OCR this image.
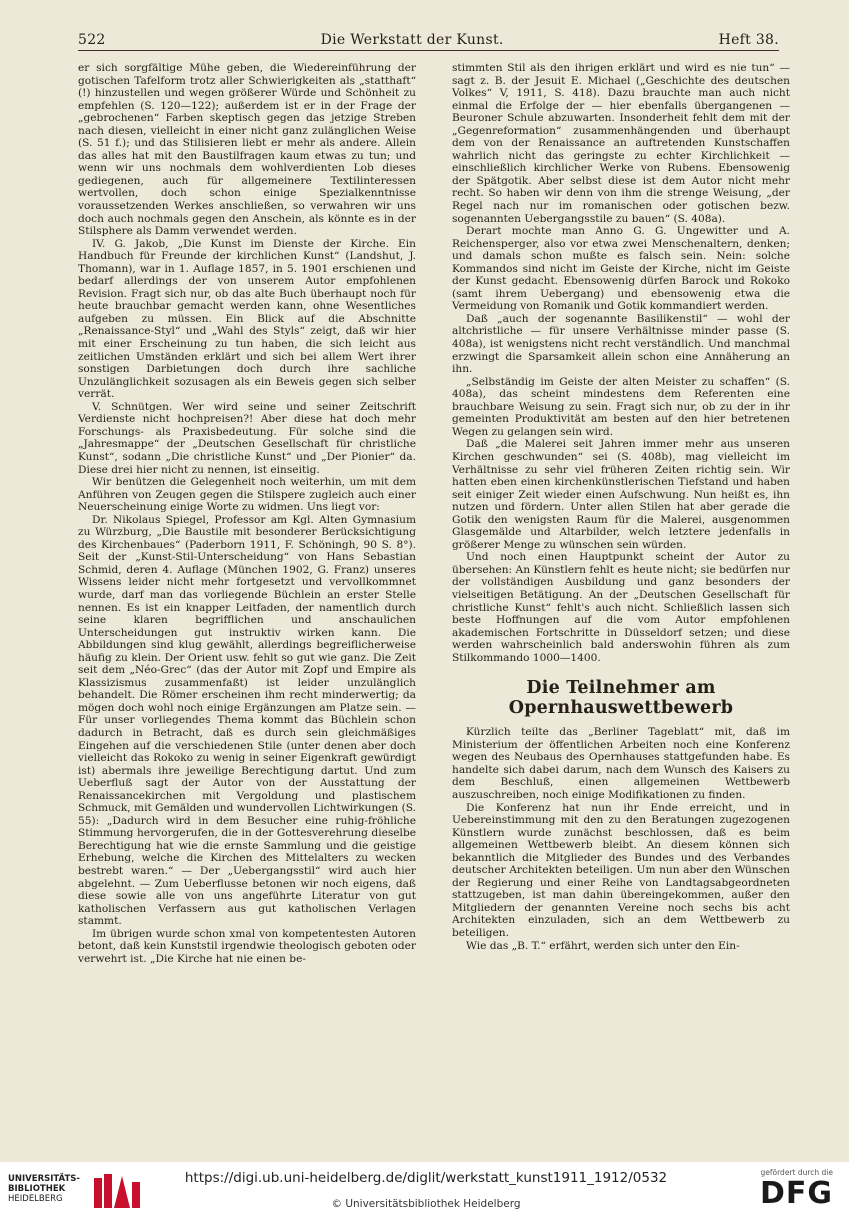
522	Die Werkstatt der Kunst.	Heft 38.

er sich sorgfältige Mühe geben, die Wiedereinführung der gotischen Tafelform trotz aller Schwierigkeiten als „statthaft“ (!) hinzustellen und wegen größerer Würde und Schönheit zu empfehlen (S. 120—122); außerdem ist er in der Frage der „gebrochenen“ Farben skeptisch gegen das jetzige Streben nach diesen, vielleicht in einer nicht ganz zulänglichen Weise (S. 51 f.); und das Stilisieren liebt er mehr als andere. Allein das alles hat mit den Baustilfragen kaum etwas zu tun; und wenn wir uns nochmals dem wohlverdienten Lob dieses gediegenen, auch für allgemeinere Textilinteressen wertvollen, doch schon einige Spezialkenntnisse voraussetzenden Werkes anschließen, so verwahren wir uns doch auch nochmals gegen den Anschein, als könnte es in der Stilsphere als Damm verwendet werden.

IV. G. Jakob, „Die Kunst im Dienste der Kirche. Ein Handbuch für Freunde der kirchlichen Kunst“ (Landshut, J. Thomann), war in 1. Auflage 1857, in 5. 1901 erschienen und bedarf allerdings der von unserem Autor empfohlenen Revision. Fragt sich nur, ob das alte Buch überhaupt noch für heute brauchbar gemacht werden kann, ohne Wesentliches aufgeben zu müssen. Ein Blick auf die Abschnitte „Renaissance-Styl“ und „Wahl des Styls“ zeigt, daß wir hier mit einer Erscheinung zu tun haben, die sich leicht aus zeitlichen Umständen erklärt und sich bei allem Wert ihrer sonstigen Darbietungen doch durch ihre sachliche Unzulänglichkeit sozusagen als ein Beweis gegen sich selber verrät.

V. Schnütgen. Wer wird seine und seiner Zeitschrift Verdienste nicht hochpreisen?! Aber diese hat doch mehr Forschungs- als Praxisbedeutung. Für solche sind die „Jahresmappe“ der „Deutschen Gesellschaft für christliche Kunst“, sodann „Die christliche Kunst“ und „Der Pionier“ da. Diese drei hier nicht zu nennen, ist einseitig.

Wir benützen die Gelegenheit noch weiterhin, um mit dem Anführen von Zeugen gegen die Stilspere zugleich auch einer Neuerscheinung einige Worte zu widmen. Uns liegt vor:

Dr. Nikolaus Spiegel, Professor am Kgl. Alten Gymnasium zu Würzburg, „Die Baustile mit besonderer Berücksichtigung des Kirchenbaues“ (Paderborn 1911, F. Schöningh, 90 S. 8°). Seit der „Kunst-Stil-Unterscheidung“ von Hans Sebastian Schmid, deren 4. Auflage (München 1902, G. Franz) unseres Wissens leider nicht mehr fortgesetzt und vervollkommnet wurde, darf man das vorliegende Büchlein an erster Stelle nennen. Es ist ein knapper Leitfaden, der namentlich durch seine klaren begrifflichen und anschaulichen Unterscheidungen gut instruktiv wirken kann. Die Abbildungen sind klug gewählt, allerdings begreiflicherweise häufig zu klein. Der Orient usw. fehlt so gut wie ganz. Die Zeit seit dem „Néo-Grec“ (das der Autor mit Zopf und Empire als Klassizismus zusammenfaßt) ist leider unzulänglich behandelt. Die Römer erscheinen ihm recht minderwertig; da mögen doch wohl noch einige Ergänzungen am Platze sein. — Für unser vorliegendes Thema kommt das Büchlein schon dadurch in Betracht, daß es durch sein gleichmäßiges Eingehen auf die verschiedenen Stile (unter denen aber doch vielleicht das Rokoko zu wenig in seiner Eigenkraft gewürdigt ist) abermals ihre jeweilige Berechtigung dartut. Und zum Ueberfluß sagt der Autor von der Ausstattung der Renaissancekirchen mit Vergoldung und plastischem Schmuck, mit Gemälden und wundervollen Lichtwirkungen (S. 55): „Dadurch wird in dem Besucher eine ruhig-fröhliche Stimmung hervorgerufen, die in der Gottesverehrung dieselbe Berechtigung hat wie die ernste Sammlung und die geistige Erhebung, welche die Kirchen des Mittelalters zu wecken bestrebt waren.“ — Der „Uebergangsstil“ wird auch hier abgelehnt. — Zum Ueberflusse betonen wir noch eigens, daß diese sowie alle von uns angeführte Literatur von gut katholischen Verfassern aus gut katholischen Verlagen stammt.

Im übrigen wurde schon xmal von kompetentesten Autoren betont, daß kein Kunststil irgendwie theologisch geboten oder verwehrt ist. „Die Kirche hat nie einen be-

stimmten Stil als den ihrigen erklärt und wird es nie tun“ — sagt z. B. der Jesuit E. Michael („Geschichte des deutschen Volkes“ V, 1911, S. 418). Dazu brauchte man auch nicht einmal die Erfolge der — hier ebenfalls übergangenen — Beuroner Schule abzuwarten. Insonderheit fehlt dem mit der „Gegenreformation“ zusammenhängenden und überhaupt dem von der Renaissance an auftretenden Kunstschaffen wahrlich nicht das geringste zu echter Kirchlichkeit — einschließlich kirchlicher Werke von Rubens. Ebensowenig der Spätgotik. Aber selbst diese ist dem Autor nicht mehr recht. So haben wir denn von ihm die strenge Weisung, „der Regel nach nur im romanischen oder gotischen bezw. sogenannten Uebergangsstile zu bauen“ (S. 408a).

Derart mochte man Anno G. G. Ungewitter und A. Reichensperger, also vor etwa zwei Menschenaltern, denken; und damals schon mußte es falsch sein. Nein: solche Kommandos sind nicht im Geiste der Kirche, nicht im Geiste der Kunst gedacht. Ebensowenig dürfen Barock und Rokoko (samt ihrem Uebergang) und ebensowenig etwa die Vermeidung von Romanik und Gotik kommandiert werden.

Daß „auch der sogenannte Basilikenstil“ — wohl der altchristliche — für unsere Verhältnisse minder passe (S. 408a), ist wenigstens nicht recht verständlich. Und manchmal erzwingt die Sparsamkeit allein schon eine Annäherung an ihn.

„Selbständig im Geiste der alten Meister zu schaffen“ (S. 408a), das scheint mindestens dem Referenten eine brauchbare Weisung zu sein. Fragt sich nur, ob zu der in ihr gemeinten Produktivität am besten auf den hier betretenen Wegen zu gelangen sein wird.

Daß „die Malerei seit Jahren immer mehr aus unseren Kirchen geschwunden“ sei (S. 408b), mag vielleicht im Verhältnisse zu sehr viel früheren Zeiten richtig sein. Wir hatten eben einen kirchenkünstlerischen Tiefstand und haben seit einiger Zeit wieder einen Aufschwung. Nun heißt es, ihn nutzen und fördern. Unter allen Stilen hat aber gerade die Gotik den wenigsten Raum für die Malerei, ausgenommen Glasgemälde und Altarbilder, welch letztere jedenfalls in größerer Menge zu wünschen sein würden.

Und noch einen Hauptpunkt scheint der Autor zu übersehen: An Künstlern fehlt es heute nicht; sie bedürfen nur der vollständigen Ausbildung und ganz besonders der vielseitigen Betätigung. An der „Deutschen Gesellschaft für christliche Kunst“ fehlt's auch nicht. Schließlich lassen sich beste Hoffnungen auf die vom Autor empfohlenen akademischen Fortschritte in Düsseldorf setzen; und diese werden wahrscheinlich bald anderswohin führen als zum Stilkommando 1000—1400.

Die Teilnehmer am Opernhauswettbewerb

Kürzlich teilte das „Berliner Tageblatt“ mit, daß im Ministerium der öffentlichen Arbeiten noch eine Konferenz wegen des Neubaus des Opernhauses stattgefunden habe. Es handelte sich dabei darum, nach dem Wunsch des Kaisers zu dem Beschluß, einen allgemeinen Wettbewerb auszuschreiben, noch einige Modifikationen zu finden.

Die Konferenz hat nun ihr Ende erreicht, und in Uebereinstimmung mit den zu den Beratungen zugezogenen Künstlern wurde zunächst beschlossen, daß es beim allgemeinen Wettbewerb bleibt. An diesem können sich bekanntlich die Mitglieder des Bundes und des Verbandes deutscher Architekten beteiligen. Um nun aber den Wünschen der Regierung und einer Reihe von Landtagsabgeordneten stattzugeben, ist man dahin übereingekommen, außer den Mitgliedern der genannten Vereine noch sechs bis acht Architekten einzuladen, sich an dem Wettbewerb zu beteiligen.

Wie das „B. T.“ erfährt, werden sich unter den Ein-

UNIVERSITÄTS-
BIBLIOTHEK
HEIDELBERG
https://digi.ub.uni-heidelberg.de/diglit/werkstatt_kunst1911_1912/0532
© Universitätsbibliothek Heidelberg
gefördert durch die
DFG
